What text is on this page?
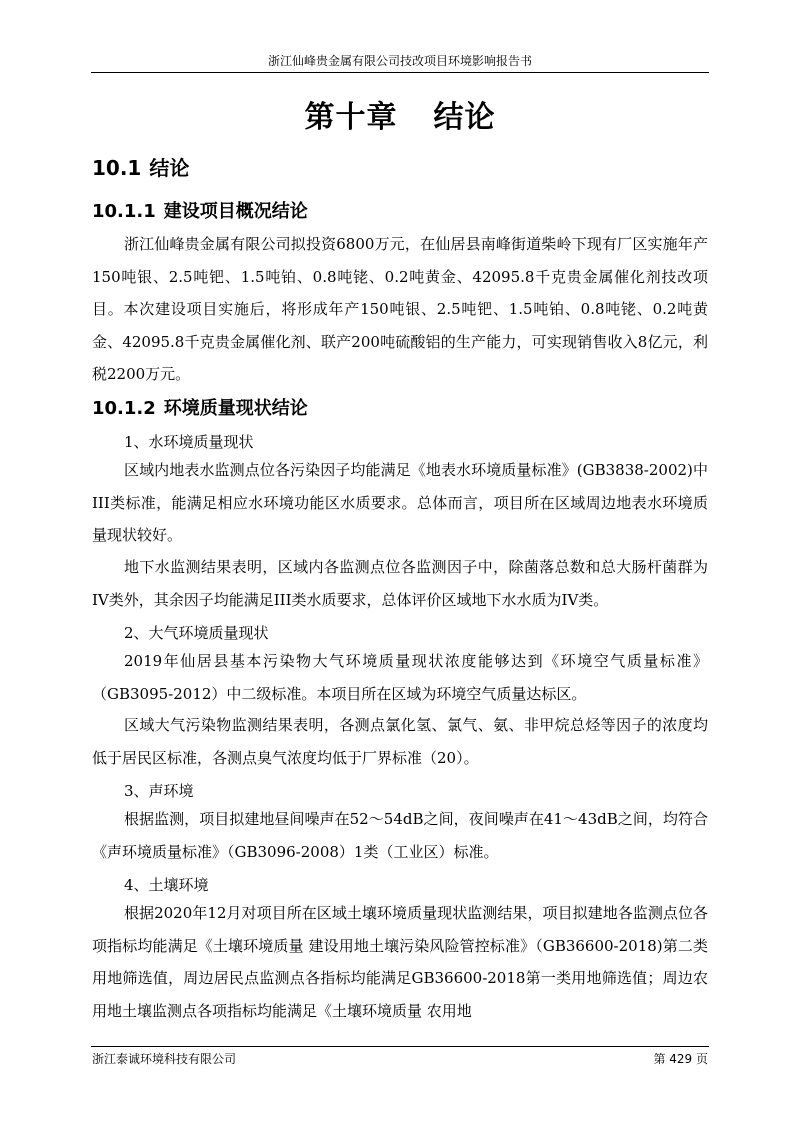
浙江仙峰贵金属有限公司技改项目环境影响报告书
第十章 结论
10.1 结论
10.1.1 建设项目概况结论

浙江仙峰贵金属有限公司拟投资6800万元，在仙居县南峰街道柴岭下现有厂区实施年产150吨银、2.5吨钯、1.5吨铂、0.8吨铑、0.2吨黄金、42095.8千克贵金属催化剂技改项目。本次建设项目实施后，将形成年产150吨银、2.5吨钯、1.5吨铂、0.8吨铑、0.2吨黄金、42095.8千克贵金属催化剂、联产200吨硫酸铝的生产能力，可实现销售收入8亿元，利税2200万元。

10.1.2 环境质量现状结论
1、水环境质量现状

区域内地表水监测点位各污染因子均能满足《地表水环境质量标准》(GB3838-2002)中III类标准，能满足相应水环境功能区水质要求。总体而言，项目所在区域周边地表水环境质量现状较好。

地下水监测结果表明，区域内各监测点位各监测因子中，除菌落总数和总大肠杆菌群为IV类外，其余因子均能满足III类水质要求，总体评价区域地下水水质为IV类。

2、大气环境质量现状

2019年仙居县基本污染物大气环境质量现状浓度能够达到《环境空气质量标准》（GB3095-2012）中二级标准。本项目所在区域为环境空气质量达标区。

区域大气污染物监测结果表明，各测点氯化氢、氯气、氨、非甲烷总烃等因子的浓度均低于居民区标准，各测点臭气浓度均低于厂界标准（20）。

3、声环境

根据监测，项目拟建地昼间噪声在52～54dB之间，夜间噪声在41～43dB之间，均符合《声环境质量标准》（GB3096-2008）1类（工业区）标准。

4、土壤环境

根据2020年12月对项目所在区域土壤环境质量现状监测结果，项目拟建地各监测点位各项指标均能满足《土壤环境质量 建设用地土壤污染风险管控标准》（GB36600-2018)第二类用地筛选值，周边居民点监测点各指标均能满足GB36600-2018第一类用地筛选值；周边农用地土壤监测点各项指标均能满足《土壤环境质量 农用地

浙江泰诚环境科技有限公司	第 429 页
